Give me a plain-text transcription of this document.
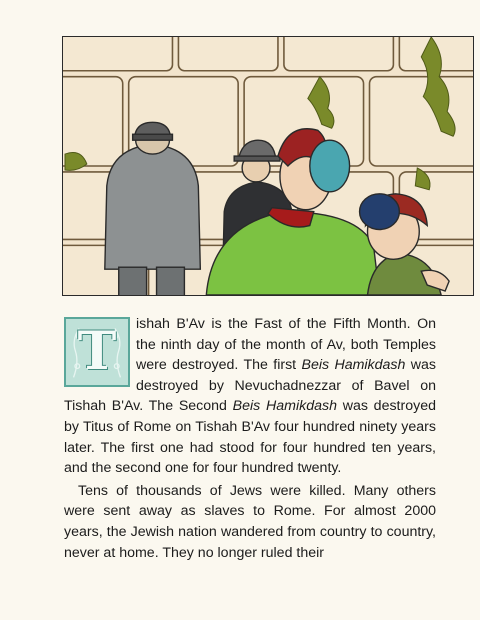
T	ishah B'Av is the Fast of the Fifth Month. On the ninth day of the month of Av, both Temples were destroyed. The first Beis Hamikdash was destroyed by Nevuchadnezzar of Bavel on Tishah B'Av. The Second Beis Hamikdash was destroyed by Titus of Rome on Tishah B'Av four hundred ninety years later. The first one had stood for four hundred ten years, and the second one for four hundred twenty.

Tens of thousands of Jews were killed. Many others were sent away as slaves to Rome. For almost 2000 years, the Jewish nation wandered from country to country, never at home. They no longer ruled their
